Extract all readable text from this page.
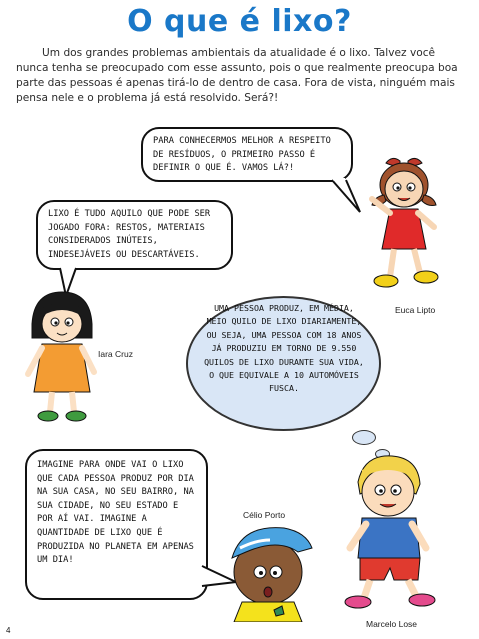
O que é lixo?
Um dos grandes problemas ambientais da atualidade é o lixo. Talvez você nunca tenha se preocupado com esse assunto, pois o que realmente preocupa boa parte das pessoas é apenas tirá-lo de dentro de casa. Fora de vista, ninguém mais pensa nele e o problema já está resolvido. Será?!
PARA CONHECERMOS MELHOR A RESPEITO DE RESÍDUOS, O PRIMEIRO PASSO É DEFINIR O QUE É. VAMOS LÁ?!
LIXO É TUDO AQUILO QUE PODE SER JOGADO FORA: RESTOS, MATERIAIS CONSIDERADOS INÚTEIS, INDESEJÁVEIS OU DESCARTÁVEIS.
UMA PESSOA PRODUZ, EM MÉDIA, MEIO QUILO DE LIXO DIARIAMENTE, OU SEJA, UMA PESSOA COM 18 ANOS JÁ PRODUZIU EM TORNO DE 9.550 QUILOS DE LIXO DURANTE SUA VIDA, O QUE EQUIVALE A 10 AUTOMÓVEIS FUSCA.
IMAGINE PARA ONDE VAI O LIXO QUE CADA PESSOA PRODUZ POR DIA NA SUA CASA, NO SEU BAIRRO, NA SUA CIDADE, NO SEU ESTADO E POR AÍ VAI. IMAGINE A QUANTIDADE DE LIXO QUE É PRODUZIDA NO PLANETA EM APENAS UM DIA!
Euca Lipto
Iara Cruz
Célio Porto
Marcelo Lose
4
